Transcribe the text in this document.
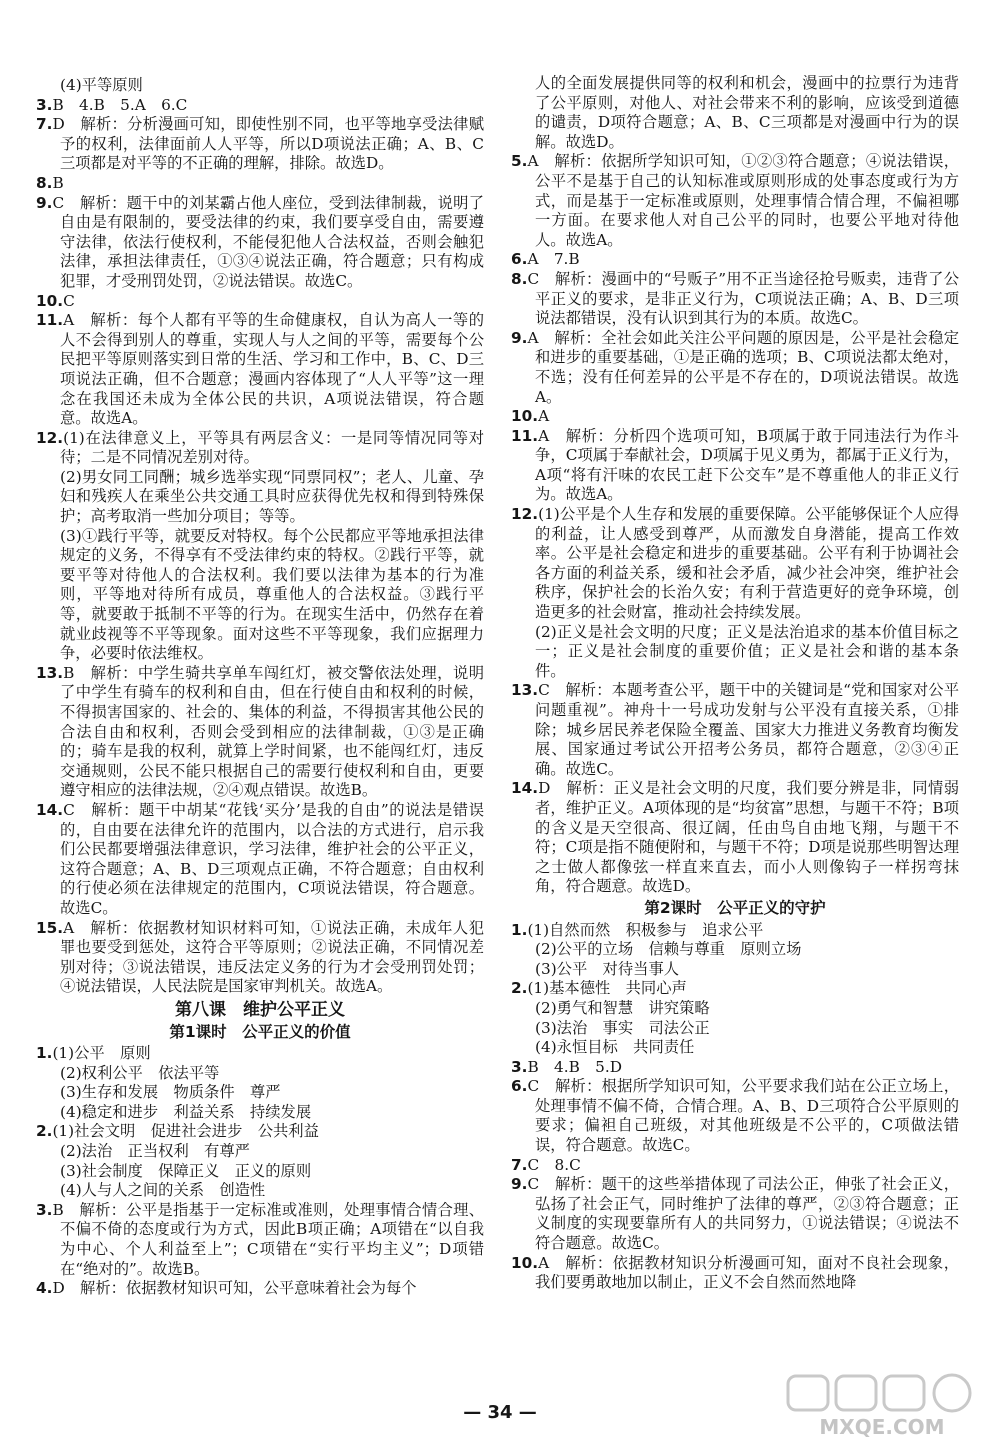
(4)平等原则

3.B　4.B　5.A　6.C

7.D　解析：分析漫画可知，即使性别不同，也平等地享受法律赋予的权利，法律面前人人平等，所以D项说法正确；A、B、C三项都是对平等的不正确的理解，排除。故选D。

8.B

9.C　解析：题干中的刘某霸占他人座位，受到法律制裁，说明了自由是有限制的，要受法律的约束，我们要享受自由，需要遵守法律，依法行使权利，不能侵犯他人合法权益，否则会触犯法律，承担法律责任，①③④说法正确，符合题意；只有构成犯罪，才受刑罚处罚，②说法错误。故选C。

10.C

11.A　解析：每个人都有平等的生命健康权，自认为高人一等的人不会得到别人的尊重，实现人与人之间的平等，需要每个公民把平等原则落实到日常的生活、学习和工作中，B、C、D三项说法正确，但不合题意；漫画内容体现了“人人平等”这一理念在我国还未成为全体公民的共识，A项说法错误，符合题意。故选A。

12.(1)在法律意义上，平等具有两层含义：一是同等情况同等对待；二是不同情况差别对待。

(2)男女同工同酬；城乡选举实现“同票同权”；老人、儿童、孕妇和残疾人在乘坐公共交通工具时应获得优先权和得到特殊保护；高考取消一些加分项目；等等。

(3)①践行平等，就要反对特权。每个公民都应平等地承担法律规定的义务，不得享有不受法律约束的特权。②践行平等，就要平等对待他人的合法权利。我们要以法律为基本的行为准则，平等地对待所有成员，尊重他人的合法权益。③践行平等，就要敢于抵制不平等的行为。在现实生活中，仍然存在着就业歧视等不平等现象。面对这些不平等现象，我们应据理力争，必要时依法维权。

13.B　解析：中学生骑共享单车闯红灯，被交警依法处理，说明了中学生有骑车的权利和自由，但在行使自由和权利的时候，不得损害国家的、社会的、集体的利益，不得损害其他公民的合法自由和权利，否则会受到相应的法律制裁，①③是正确的；骑车是我的权利，就算上学时间紧，也不能闯红灯，违反交通规则，公民不能只根据自己的需要行使权利和自由，更要遵守相应的法律法规，②④观点错误。故选B。

14.C　解析：题干中胡某“花钱‘买分’是我的自由”的说法是错误的，自由要在法律允许的范围内，以合法的方式进行，启示我们公民都要增强法律意识，学习法律，维护社会的公平正义，这符合题意；A、B、D三项观点正确，不符合题意；自由权利的行使必须在法律规定的范围内，C项说法错误，符合题意。故选C。

15.A　解析：依据教材知识材料可知，①说法正确，未成年人犯罪也要受到惩处，这符合平等原则；②说法正确，不同情况差别对待；③说法错误，违反法定义务的行为才会受刑罚处罚；④说法错误，人民法院是国家审判机关。故选A。

第八课　维护公平正义

第1课时　公平正义的价值

1.(1)公平　原则

(2)权利公平　依法平等

(3)生存和发展　物质条件　尊严

(4)稳定和进步　利益关系　持续发展

2.(1)社会文明　促进社会进步　公共利益

(2)法治　正当权利　有尊严

(3)社会制度　保障正义　正义的原则

(4)人与人之间的关系　创造性

3.B　解析：公平是指基于一定标准或准则，处理事情合情合理、不偏不倚的态度或行为方式，因此B项正确；A项错在“以自我为中心、个人利益至上”；C项错在“实行平均主义”；D项错在“绝对的”。故选B。

4.D　解析：依据教材知识可知，公平意味着社会为每个

人的全面发展提供同等的权利和机会，漫画中的拉票行为违背了公平原则，对他人、对社会带来不利的影响，应该受到道德的谴责，D项符合题意；A、B、C三项都是对漫画中行为的误解。故选D。

5.A　解析：依据所学知识可知，①②③符合题意；④说法错误，公平不是基于自己的认知标准或原则形成的处事态度或行为方式，而是基于一定标准或原则，处理事情合情合理，不偏袒哪一方面。在要求他人对自己公平的同时，也要公平地对待他人。故选A。

6.A　7.B

8.C　解析：漫画中的“号贩子”用不正当途径抢号贩卖，违背了公平正义的要求，是非正义行为，C项说法正确；A、B、D三项说法都错误，没有认识到其行为的本质。故选C。

9.A　解析：全社会如此关注公平问题的原因是，公平是社会稳定和进步的重要基础，①是正确的选项；B、C项说法都太绝对，不选；没有任何差异的公平是不存在的，D项说法错误。故选A。

10.A

11.A　解析：分析四个选项可知，B项属于敢于同违法行为作斗争，C项属于奉献社会，D项属于见义勇为，都属于正义行为，A项“将有汗味的农民工赶下公交车”是不尊重他人的非正义行为。故选A。

12.(1)公平是个人生存和发展的重要保障。公平能够保证个人应得的利益，让人感受到尊严，从而激发自身潜能，提高工作效率。公平是社会稳定和进步的重要基础。公平有利于协调社会各方面的利益关系，缓和社会矛盾，减少社会冲突，维护社会秩序，保护社会的长治久安；有利于营造更好的竞争环境，创造更多的社会财富，推动社会持续发展。

(2)正义是社会文明的尺度；正义是法治追求的基本价值目标之一；正义是社会制度的重要价值；正义是社会和谐的基本条件。

13.C　解析：本题考查公平，题干中的关键词是“党和国家对公平问题重视”。神舟十一号成功发射与公平没有直接关系，①排除；城乡居民养老保险全覆盖、国家大力推进义务教育均衡发展、国家通过考试公开招考公务员，都符合题意，②③④正确。故选C。

14.D　解析：正义是社会文明的尺度，我们要分辨是非，同情弱者，维护正义。A项体现的是“均贫富”思想，与题干不符；B项的含义是天空很高、很辽阔，任由鸟自由地飞翔，与题干不符；C项是指不随便附和，与题干不符；D项是说那些明智达理之士做人都像弦一样直来直去，而小人则像钩子一样拐弯抹角，符合题意。故选D。

第2课时　公平正义的守护

1.(1)自然而然　积极参与　追求公平

(2)公平的立场　信赖与尊重　原则立场

(3)公平　对待当事人

2.(1)基本德性　共同心声

(2)勇气和智慧　讲究策略

(3)法治　事实　司法公正

(4)永恒目标　共同责任

3.B　4.B　5.D

6.C　解析：根据所学知识可知，公平要求我们站在公正立场上，处理事情不偏不倚，合情合理。A、B、D三项符合公平原则的要求；偏袒自己班级，对其他班级是不公平的，C项做法错误，符合题意。故选C。

7.C　8.C

9.C　解析：题干的这些举措体现了司法公正，伸张了社会正义，弘扬了社会正气，同时维护了法律的尊严，②③符合题意；正义制度的实现要靠所有人的共同努力，①说法错误；④说法不符合题意。故选C。

10.A　解析：依据教材知识分析漫画可知，面对不良社会现象，我们要勇敢地加以制止，正义不会自然而然地降

— 34 —
MXQE.COM
